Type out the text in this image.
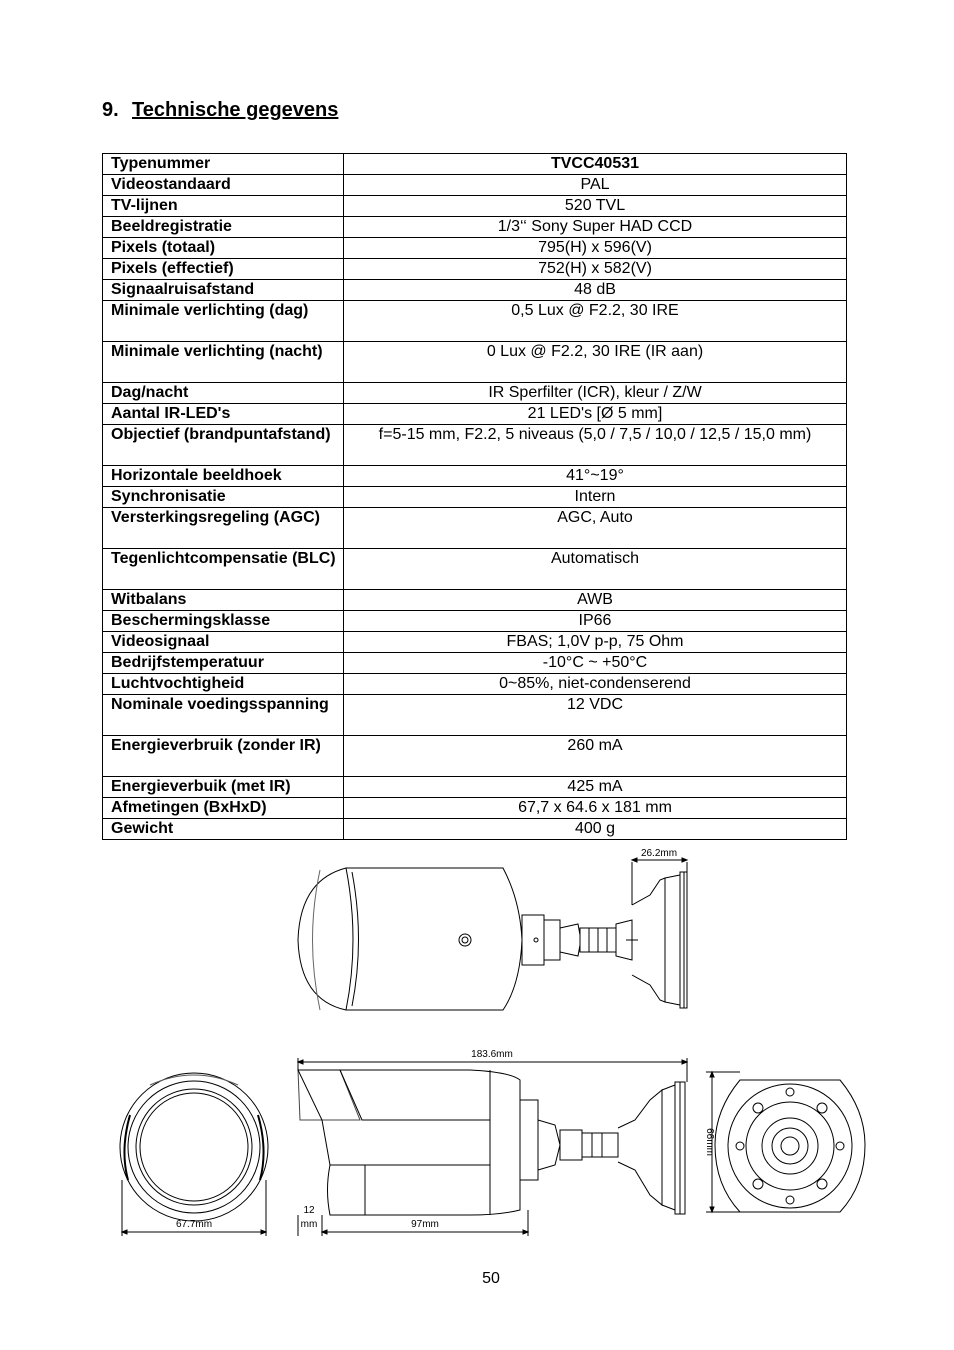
9. Technische gegevens
Typenummer	TVCC40531
Videostandaard	PAL
TV-lijnen	520 TVL
Beeldregistratie	1/3‘‘ Sony Super HAD CCD
Pixels (totaal)	795(H) x 596(V)
Pixels (effectief)	752(H) x 582(V)
Signaalruisafstand	48 dB
Minimale verlichting (dag)	0,5 Lux @ F2.2, 30 IRE
Minimale verlichting (nacht)	0 Lux @ F2.2, 30 IRE (IR aan)
Dag/nacht	IR Sperfilter (ICR), kleur / Z/W
Aantal IR-LED's	21 LED's [Ø 5 mm]
Objectief (brandpuntafstand)	f=5-15 mm, F2.2, 5 niveaus (5,0 / 7,5 / 10,0 / 12,5 / 15,0 mm)
Horizontale beeldhoek	41°~19°
Synchronisatie	Intern
Versterkingsregeling (AGC)	AGC, Auto
Tegenlichtcompensatie (BLC)	Automatisch
Witbalans	AWB
Beschermingsklasse	IP66
Videosignaal	FBAS; 1,0V p-p, 75 Ohm
Bedrijfstemperatuur	-10°C ~ +50°C
Luchtvochtigheid	0~85%, niet-condenserend
Nominale voedingsspanning	12 VDC
Energieverbruik (zonder IR)	260 mA
Energieverbuik (met IR)	425 mA
Afmetingen (BxHxD)	67,7 x 64.6 x 181 mm
Gewicht	400 g
26.2mm
183.6mm
67.7mm
12
mm	97mm
66mm
50
